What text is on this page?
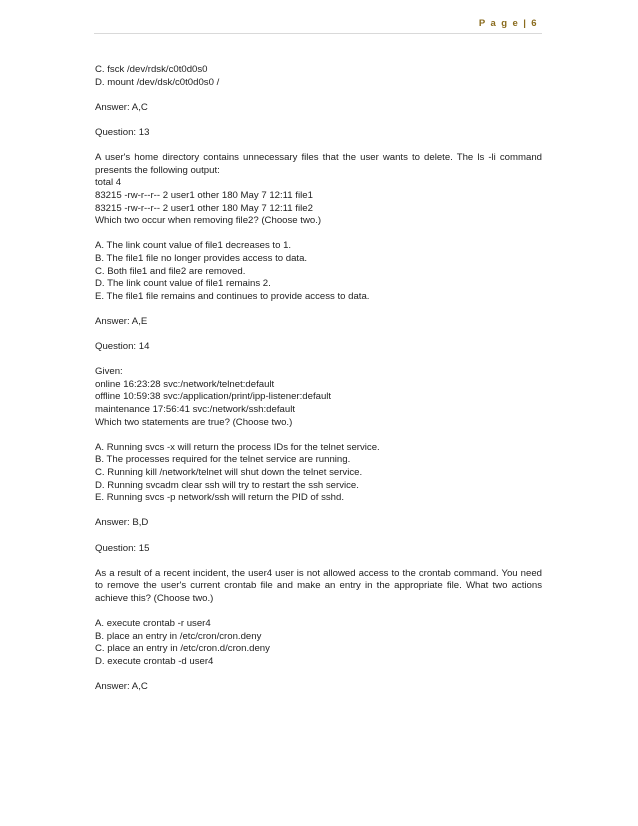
P a g e | 6
C. fsck /dev/rdsk/c0t0d0s0
D. mount /dev/dsk/c0t0d0s0 /
Answer: A,C
Question: 13
A user's home directory contains unnecessary files that the user wants to delete. The ls -li command presents the following output:
total 4
83215 -rw-r--r-- 2 user1 other 180 May 7 12:11 file1
83215 -rw-r--r-- 2 user1 other 180 May 7 12:11 file2
Which two occur when removing file2? (Choose two.)
A. The link count value of file1 decreases to 1.
B. The file1 file no longer provides access to data.
C. Both file1 and file2 are removed.
D. The link count value of file1 remains 2.
E. The file1 file remains and continues to provide access to data.
Answer: A,E
Question: 14
Given:
online 16:23:28 svc:/network/telnet:default
offline 10:59:38 svc:/application/print/ipp-listener:default
maintenance 17:56:41 svc:/network/ssh:default
Which two statements are true? (Choose two.)
A. Running svcs -x will return the process IDs for the telnet service.
B. The processes required for the telnet service are running.
C. Running kill /network/telnet will shut down the telnet service.
D. Running svcadm clear ssh will try to restart the ssh service.
E. Running svcs -p network/ssh will return the PID of sshd.
Answer: B,D
Question: 15
As a result of a recent incident, the user4 user is not allowed access to the crontab command. You need to remove the user's current crontab file and make an entry in the appropriate file. What two actions achieve this? (Choose two.)
A. execute crontab -r user4
B. place an entry in /etc/cron/cron.deny
C. place an entry in /etc/cron.d/cron.deny
D. execute crontab -d user4
Answer: A,C
